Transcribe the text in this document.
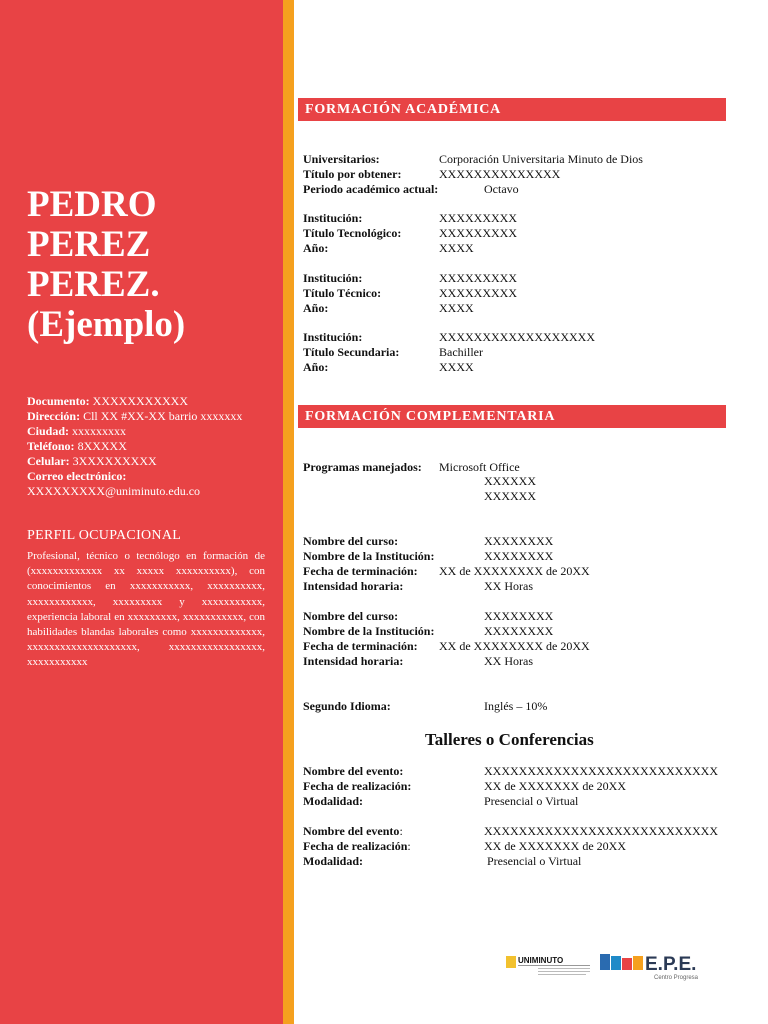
PEDRO
PEREZ
PEREZ.
(Ejemplo)
Documento: XXXXXXXXXXX
Dirección: Cll XX #XX-XX barrio xxxxxxx
Ciudad: xxxxxxxxx
Teléfono: 8XXXXX
Celular: 3XXXXXXXXX
Correo electrónico:
XXXXXXXXX@uniminuto.edu.co
PERFIL OCUPACIONAL
Profesional, técnico o tecnólogo en formación de (xxxxxxxxxxxxx xx xxxxx xxxxxxxxxx), con conocimientos en xxxxxxxxxxx, xxxxxxxxxx, xxxxxxxxxxxx, xxxxxxxxx y xxxxxxxxxxx, experiencia laboral en xxxxxxxxx, xxxxxxxxxxx, con habilidades blandas laborales como xxxxxxxxxxxxx, xxxxxxxxxxxxxxxxxxxx, xxxxxxxxxxxxxxxxx, xxxxxxxxxxx
FORMACIÓN ACADÉMICA
Universitarios:	Corporación Universitaria Minuto de Dios
Título por obtener:	XXXXXXXXXXXXXX
Periodo académico actual:	Octavo
Institución:	XXXXXXXXX
Título Tecnológico:	XXXXXXXXX
Año:	XXXX
Institución:	XXXXXXXXX
Título Técnico:	XXXXXXXXX
Año:	XXXX
Institución:	XXXXXXXXXXXXXXXXXX
Título Secundaria:	Bachiller
Año:	XXXX
FORMACIÓN COMPLEMENTARIA
Programas manejados: Microsoft Office
XXXXXX
XXXXXX
Nombre del curso:	XXXXXXXX
Nombre de la Institución:	XXXXXXXX
Fecha de terminación: XX de XXXXXXXX de 20XX
Intensidad horaria:	XX Horas
Nombre del curso:	XXXXXXXX
Nombre de la Institución:	XXXXXXXX
Fecha de terminación: XX de XXXXXXXX de 20XX
Intensidad horaria:	XX Horas
Segundo Idioma:	Inglés – 10%
Talleres o Conferencias
Nombre del evento:	XXXXXXXXXXXXXXXXXXXXXXXXXXX
Fecha de realización:	XX de XXXXXXX de 20XX
Modalidad:	Presencial o Virtual
Nombre del evento:	XXXXXXXXXXXXXXXXXXXXXXXXXXX
Fecha de realización:	XX de XXXXXXX de 20XX
Modalidad:	Presencial o Virtual
UNIMINUTO	E.P.E.
Centro Progresa
